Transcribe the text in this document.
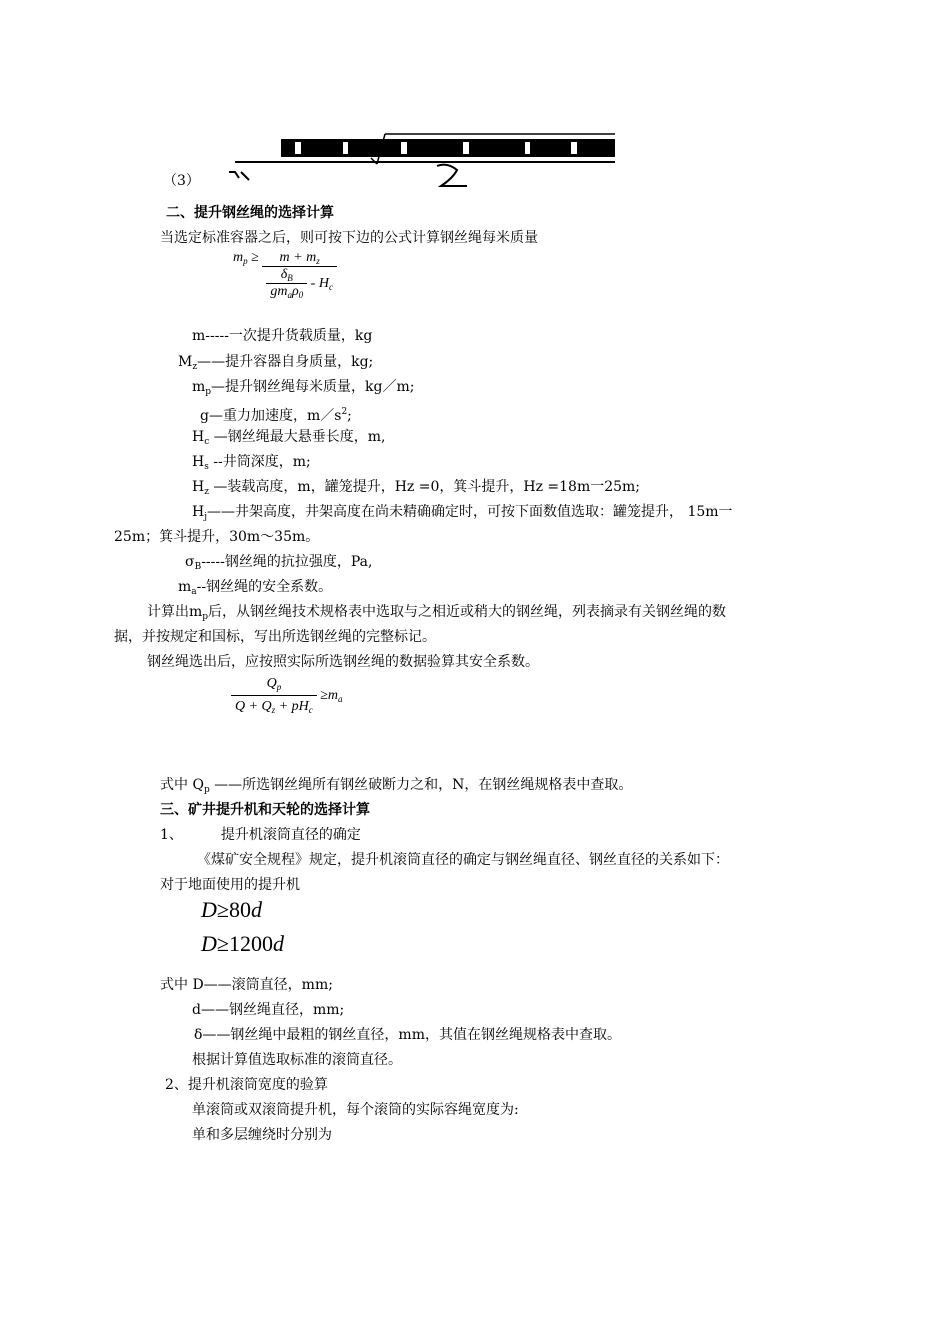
（3）
二、提升钢丝绳的选择计算
当选定标准容器之后，则可按下边的公式计算钢丝绳每米质量
$m_p \ge \frac{m + m_z}{\frac{\delta_B}{gm_a\rho_0} - H_c}$
m-----一次提升货载质量，kg
$M_z——$提升容器自身质量，kg;
$m_p—$提升钢丝绳每米质量，kg／m;
g—重力加速度，$m/s^2$;
$H_c$ —钢丝绳最大悬垂长度，m,
$H_s$ --井筒深度，m;
$H_z$ —装载高度，m，罐笼提升，Hz =0，箕斗提升，Hz =18m一25m;
$H_j——$井架高度，井架高度在尚未精确确定时，可按下面数值选取：罐笼提升， 15m一
25m；箕斗提升，30m～35m。
$\sigma_B-----$钢丝绳的抗拉强度，Pa,
$m_a--$钢丝绳的安全系数。
计算出$m_p$后，从钢丝绳技术规格表中选取与之相近或稍大的钢丝绳，列表摘录有关钢丝绳的数
据，并按规定和国标，写出所选钢丝绳的完整标记。
钢丝绳选出后，应按照实际所选钢丝绳的数据验算其安全系数。
$\frac{Q_p}{Q + Q_z + pH_c} \ge m_a$
式中 $Q_p$ ——所选钢丝绳所有钢丝破断力之和，N，在钢丝绳规格表中查取。
三、矿井提升机和天轮的选择计算
1、	提升机滚筒直径的确定
《煤矿安全规程》规定，提升机滚筒直径的确定与钢丝绳直径、钢丝直径的关系如下：
对于地面使用的提升机
D≥80d
D≥1200d
式中 D——滚筒直径，mm;
d——钢丝绳直径，mm;
δ——钢丝绳中最粗的钢丝直径，mm，其值在钢丝绳规格表中查取。
根据计算值选取标准的滚筒直径。
2、提升机滚筒宽度的验算
单滚筒或双滚筒提升机，每个滚筒的实际容绳宽度为:
单和多层缠绕时分别为
